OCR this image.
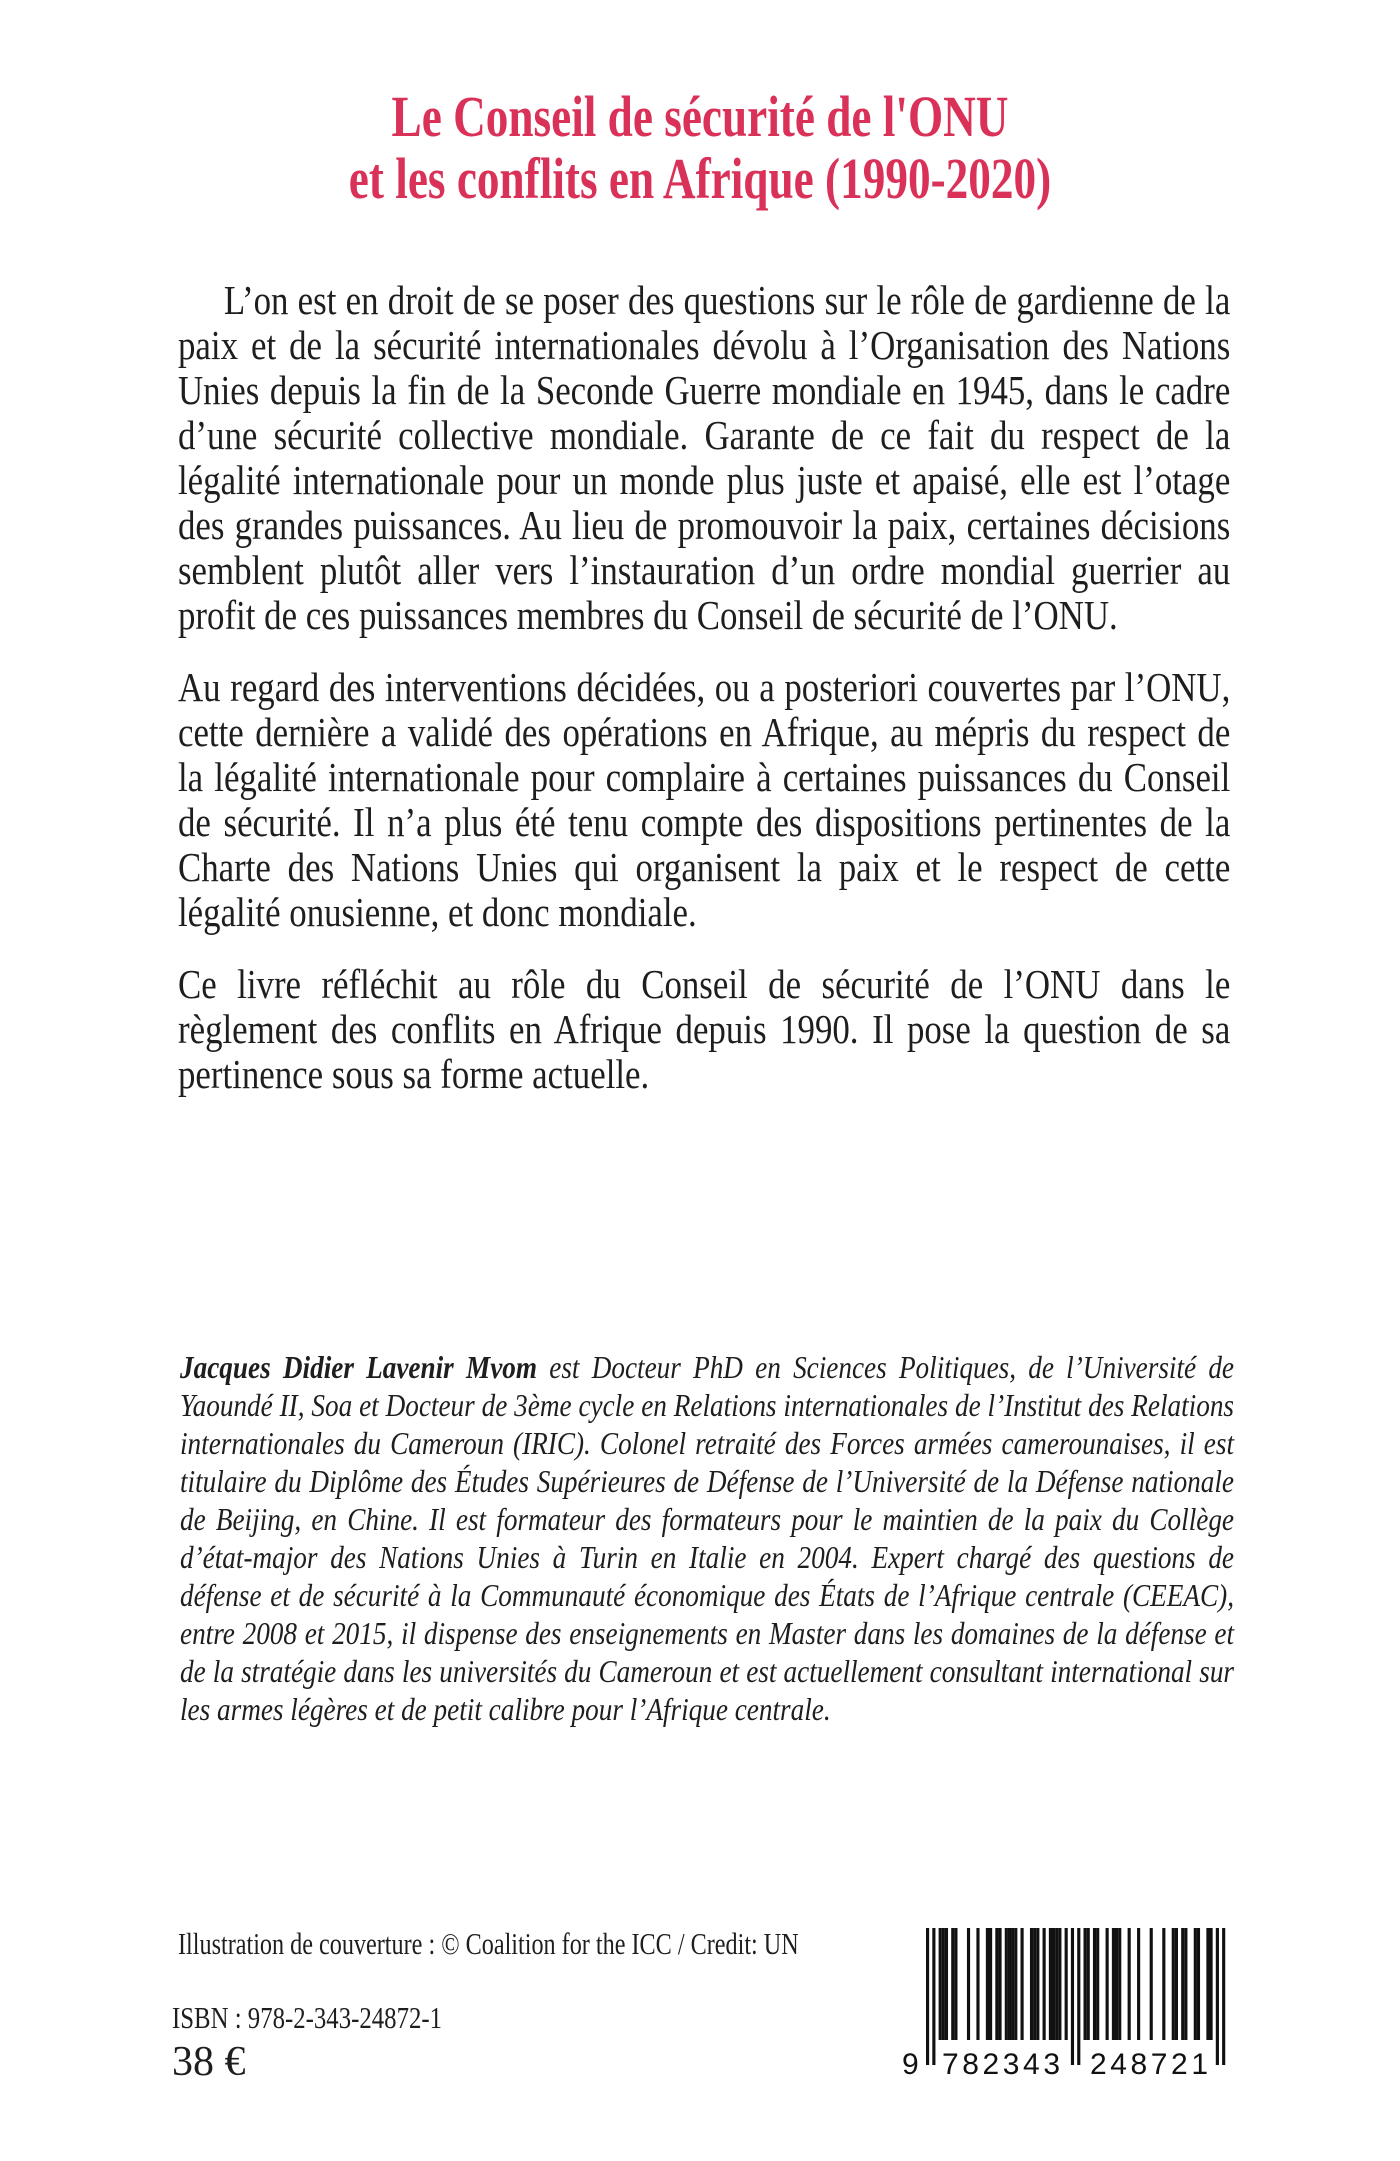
Le Conseil de sécurité de l'ONU
et les conflits en Afrique (1990-2020)

L’on est en droit de se poser des questions sur le rôle de gardienne de la paix et de la sécurité internationales dévolu à l’Organisation des Nations Unies depuis la fin de la Seconde Guerre mondiale en 1945, dans le cadre d’une sécurité collective mondiale. Garante de ce fait du respect de la légalité internationale pour un monde plus juste et apaisé, elle est l’otage des grandes puissances. Au lieu de promouvoir la paix, certaines décisions semblent plutôt aller vers l’instauration d’un ordre mondial guerrier au profit de ces puissances membres du Conseil de sécurité de l’ONU.

Au regard des interventions décidées, ou a posteriori couvertes par l’ONU, cette dernière a validé des opérations en Afrique, au mépris du respect de la légalité internationale pour complaire à certaines puissances du Conseil de sécurité. Il n’a plus été tenu compte des dispositions pertinentes de la Charte des Nations Unies qui organisent la paix et le respect de cette légalité onusienne, et donc mondiale.

Ce livre réfléchit au rôle du Conseil de sécurité de l’ONU dans le règlement des conflits en Afrique depuis 1990. Il pose la question de sa pertinence sous sa forme actuelle.

Jacques Didier Lavenir Mvom est Docteur PhD en Sciences Politiques, de l’Université de Yaoundé II, Soa et Docteur de 3ème cycle en Relations internationales de l’Institut des Relations internationales du Cameroun (IRIC). Colonel retraité des Forces armées camerounaises, il est titulaire du Diplôme des Études Supérieures de Défense de l’Université de la Défense nationale de Beijing, en Chine. Il est formateur des formateurs pour le maintien de la paix du Collège d’état-major des Nations Unies à Turin en Italie en 2004. Expert chargé des questions de défense et de sécurité à la Communauté économique des États de l’Afrique centrale (CEEAC), entre 2008 et 2015, il dispense des enseignements en Master dans les domaines de la défense et de la stratégie dans les universités du Cameroun et est actuellement consultant international sur les armes légères et de petit calibre pour l’Afrique centrale.
Illustration de couverture : © Coalition for the ICC / Credit: UN
ISBN : 978-2-343-24872-1
38 €	9 782343 248721
